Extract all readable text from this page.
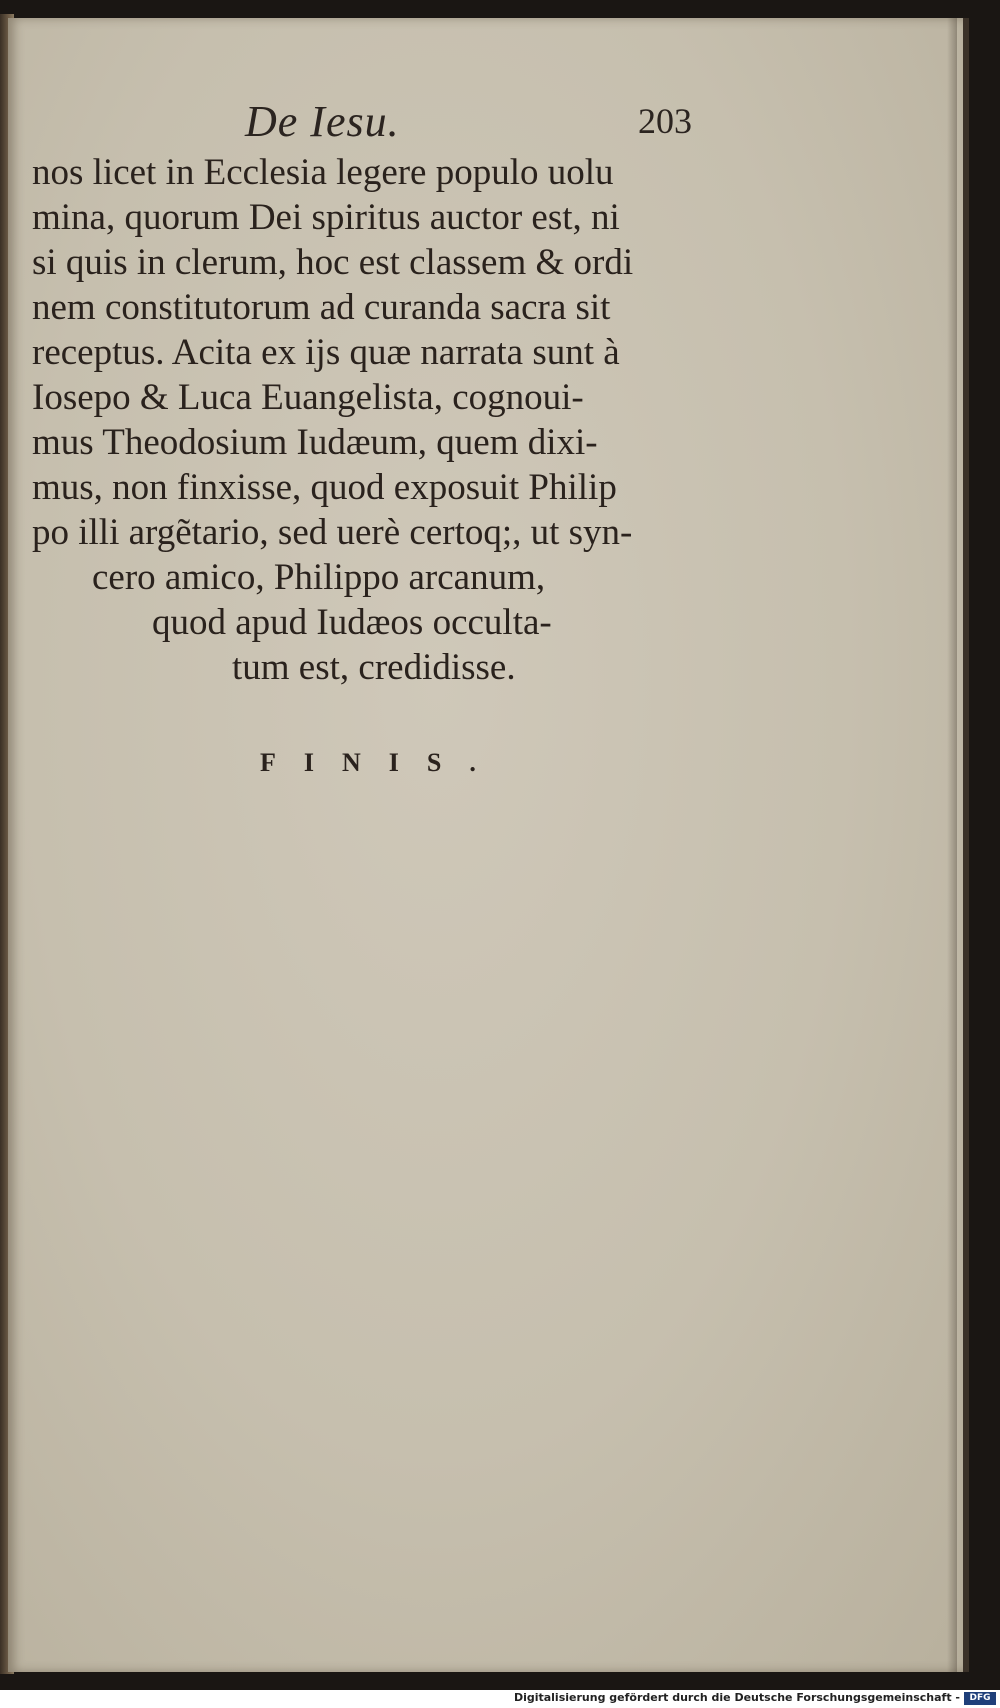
De Iesu.	203
nos licet in Ecclesia legere populo uolu
mina, quorum Dei spiritus auctor est, ni
si quis in clerum, hoc est classem & ordi
nem constitutorum ad curanda sacra sit
receptus. Acita ex ijs quæ narrata sunt à
Iosepo & Luca Euangelista, cognoui-
mus Theodosium Iudæum, quem dixi-
mus, non finxisse, quod exposuit Philip
po illi argẽtario, sed uerè certoq;, ut syn-
cero amico, Philippo arcanum,
quod apud Iudæos occulta-
tum est, credidisse.
FINIS.
Digitalisierung gefördert durch die Deutsche Forschungsgemeinschaft -	DFG
